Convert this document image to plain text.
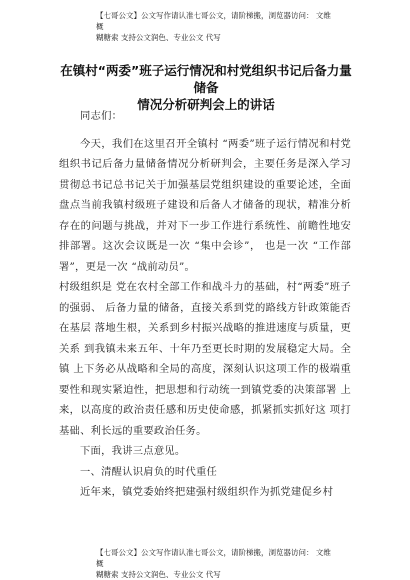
【七哥公文】公文写作请认准七哥公文，请阶梯搬，浏览器访问： 文维概
糊糖索 支持公文润色、专业公文 代写
在镇村“两委”班子运行情况和村党组织书记后备力量储备
情况分析研判会上的讲话

同志们：

今天，我们在这里召开全镇村 “两委”班子运行情况和村党组织书记后备力量储备情况分析研判会，主要任务是深入学习贯彻总书记总书记关于加强基层党组织建设的重要论述，全面盘点当前我镇村级班子建设和后备人才储备的现状，精准分析存在的问题与挑战，并对下一步工作进行系统性、前瞻性地安排部署。这次会议既是一次 “集中会诊”， 也是一次 “工作部署”，更是一次 “战前动员”。

村级组织是 党在农村全部工作和战斗力的基础，村“两委”班子的强弱、 后备力量的储备，直接关系到党的路线方针政策能否在基层 落地生根，关系到乡村振兴战略的推进速度与质量，更关系 到我镇未来五年、十年乃至更长时期的发展稳定大局。全镇 上下务必从战略和全局的高度，深刻认识这项工作的极端重 要性和现实紧迫性，把思想和行动统一到镇党委的决策部署 上来，以高度的政治责任感和历史使命感，抓紧抓实抓好这 项打基础、利长远的重要政治任务。

下面，我讲三点意见。

一、清醒认识肩负的时代重任

近年来，镇党委始终把建强村级组织作为抓党建促乡村

【七哥公文】公文写作请认准七哥公文，请阶梯搬，浏览器访问： 文维概
糊糖索 支持公文润色、专业公文 代写
